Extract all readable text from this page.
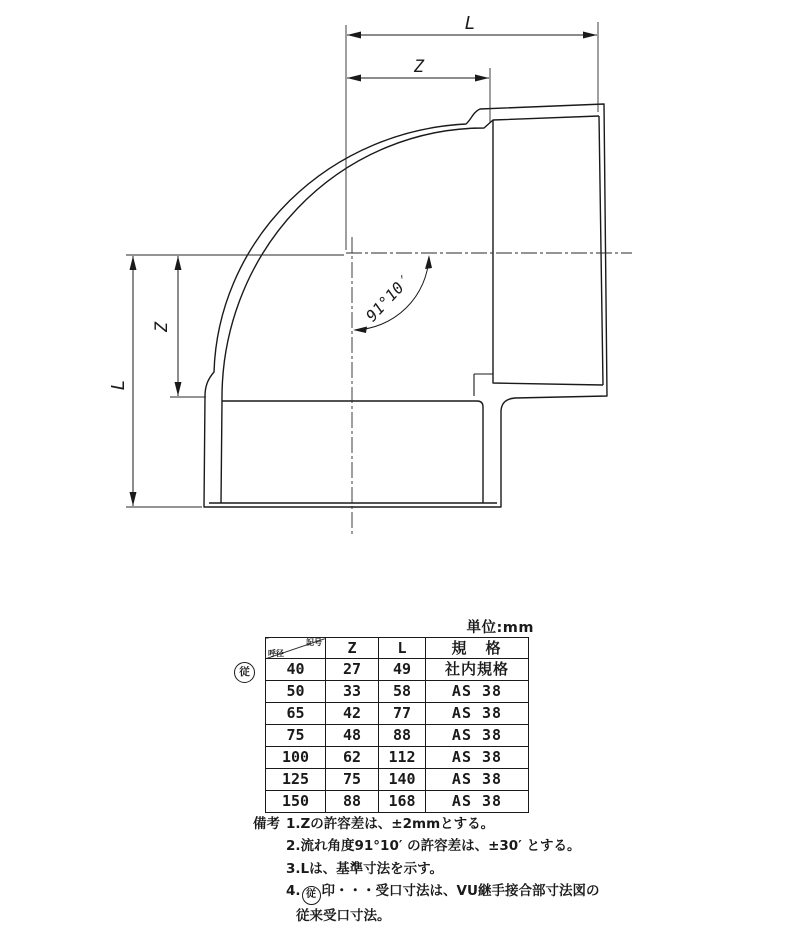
L
Z
L
Z
91°10′
単位:mm
従
記号
呼径	Z	L	規　格
40	27	49	社内規格
50	33	58	AS 38
65	42	77	AS 38
75	48	88	AS 38
100	62	112	AS 38
125	75	140	AS 38
150	88	168	AS 38
備考 1.Zの許容差は、±2mmとする。
2.流れ角度91°10′ の許容差は、±30′ とする。
3.Lは、基準寸法を示す。
4. 従 印・・・受口寸法は、VU継手接合部寸法図の
従来受口寸法。
